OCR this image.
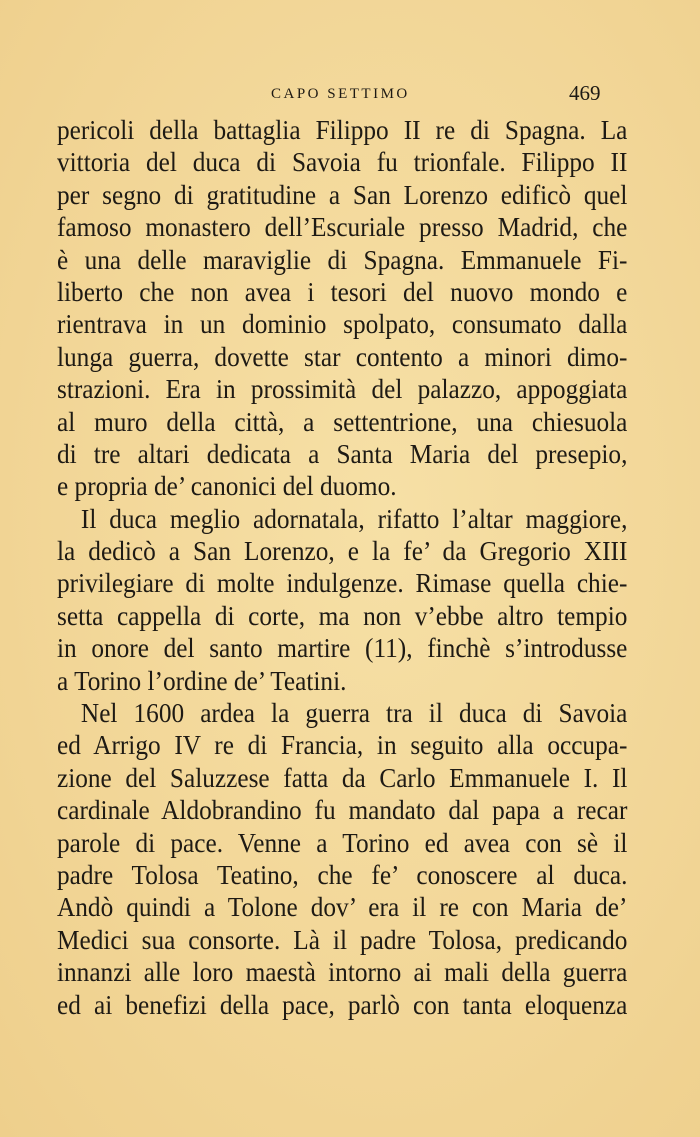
CAPO SETTIMO	469
pericoli della battaglia Filippo II re di Spagna. La
vittoria del duca di Savoia fu trionfale. Filippo II
per segno di gratitudine a San Lorenzo edificò quel
famoso monastero dell’Escuriale presso Madrid, che
è una delle maraviglie di Spagna. Emmanuele Fi-
liberto che non avea i tesori del nuovo mondo e
rientrava in un dominio spolpato, consumato dalla
lunga guerra, dovette star contento a minori dimo-
strazioni. Era in prossimità del palazzo, appoggiata
al muro della città, a settentrione, una chiesuola
di tre altari dedicata a Santa Maria del presepio,
e propria de’ canonici del duomo.
Il duca meglio adornatala, rifatto l’altar maggiore,
la dedicò a San Lorenzo, e la fe’ da Gregorio XIII
privilegiare di molte indulgenze. Rimase quella chie-
setta cappella di corte, ma non v’ebbe altro tempio
in onore del santo martire (11), finchè s’introdusse
a Torino l’ordine de’ Teatini.
Nel 1600 ardea la guerra tra il duca di Savoia
ed Arrigo IV re di Francia, in seguito alla occupa-
zione del Saluzzese fatta da Carlo Emmanuele I. Il
cardinale Aldobrandino fu mandato dal papa a recar
parole di pace. Venne a Torino ed avea con sè il
padre Tolosa Teatino, che fe’ conoscere al duca.
Andò quindi a Tolone dov’ era il re con Maria de’
Medici sua consorte. Là il padre Tolosa, predicando
innanzi alle loro maestà intorno ai mali della guerra
ed ai benefizi della pace, parlò con tanta eloquenza
